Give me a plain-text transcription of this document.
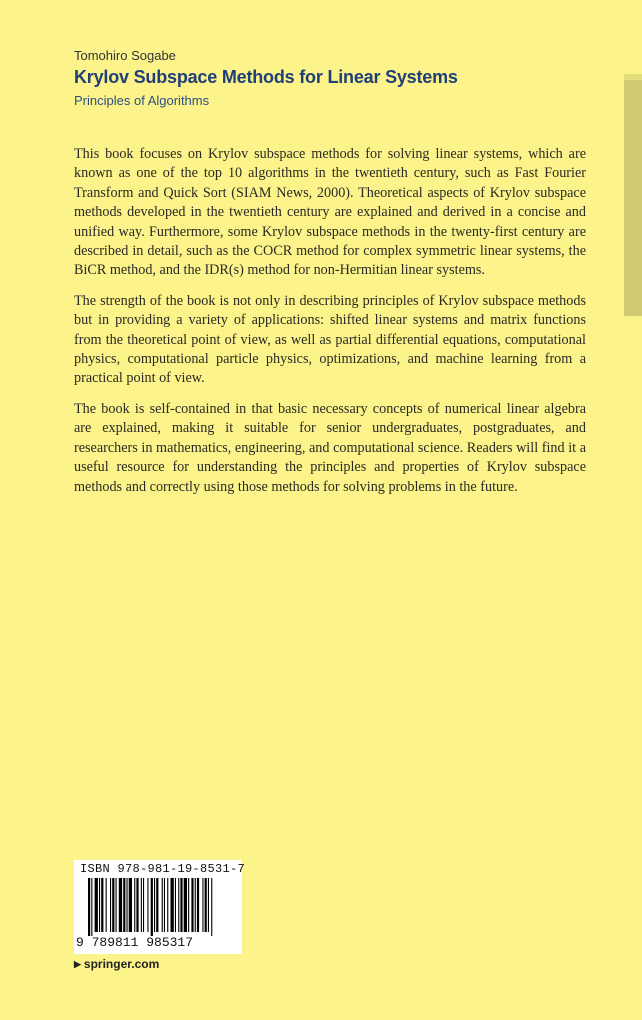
Tomohiro Sogabe
Krylov Subspace Methods for Linear Systems
Principles of Algorithms

This book focuses on Krylov subspace methods for solving linear systems, which are known as one of the top 10 algorithms in the twentieth century, such as Fast Fourier Transform and Quick Sort (SIAM News, 2000). Theoretical aspects of Krylov subspace methods developed in the twentieth century are explained and derived in a concise and unified way. Furthermore, some Krylov subspace methods in the twenty-first century are described in detail, such as the COCR method for complex symmetric linear systems, the BiCR method, and the IDR(s) method for non-Hermitian linear systems.

The strength of the book is not only in describing principles of Krylov subspace methods but in providing a variety of applications: shifted linear systems and matrix functions from the theoretical point of view, as well as partial differential equations, computational physics, computational particle physics, optimizations, and machine learning from a practical point of view.

The book is self-contained in that basic necessary concepts of numerical linear algebra are explained, making it suitable for senior undergraduates, postgraduates, and researchers in mathematics, engineering, and computational science. Readers will find it a useful resource for understanding the principles and properties of Krylov subspace methods and correctly using those methods for solving problems in the future.

ISBN 978-981-19-8531-7
9 789811 985317
▶ springer.com
